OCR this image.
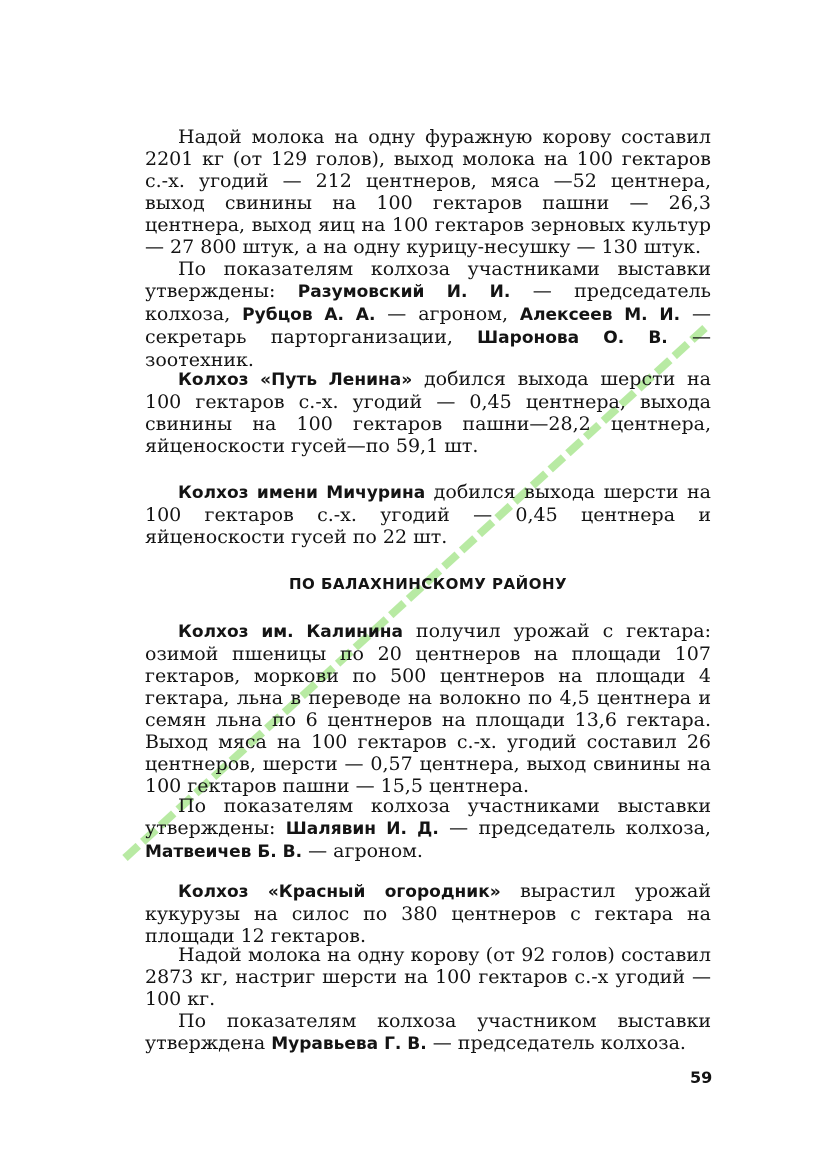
Надой молока на одну фуражную корову составил 2201 кг (от 129 голов), выход молока на 100 гектаров с.-х. угодий — 212 центнеров, мяса —52 центнера, выход свинины на 100 гектаров пашни — 26,3 центнера, выход яиц на 100 гектаров зерновых культур — 27 800 штук, а на одну курицу-несушку — 130 штук.

По показателям колхоза участниками выставки утверждены: Разумовский И. И. — председатель колхоза, Рубцов А. А. — агроном, Алексеев М. И. — секретарь парторганизации, Шаронова О. В. — зоотехник.

Колхоз «Путь Ленина» добился выхода шерсти на 100 гектаров с.-х. угодий — 0,45 центнера, выхода свинины на 100 гектаров пашни—28,2 центнера, яйценоскости гусей—по 59,1 шт.

Колхоз имени Мичурина добился выхода шерсти на 100 гектаров с.-х. угодий — 0,45 центнера и яйценоскости гусей по 22 шт.

ПО БАЛАХНИНСКОМУ РАЙОНУ

Колхоз им. Калинина получил урожай с гектара: озимой пшеницы по 20 центнеров на площади 107 гектаров, моркови по 500 центнеров на площади 4 гектара, льна в переводе на волокно по 4,5 центнера и семян льна по 6 центнеров на площади 13,6 гектара. Выход мяса на 100 гектаров с.-х. угодий составил 26 центнеров, шерсти — 0,57 центнера, выход свинины на 100 гектаров пашни — 15,5 центнера.

По показателям колхоза участниками выставки утверждены: Шалявин И. Д. — председатель колхоза, Матвеичев Б. В. — агроном.

Колхоз «Красный огородник» вырастил урожай кукурузы на силос по 380 центнеров с гектара на площади 12 гектаров.

Надой молока на одну корову (от 92 голов) составил 2873 кг, настриг шерсти на 100 гектаров с.-х угодий — 100 кг.

По показателям колхоза участником выставки утверждена Муравьева Г. В. — председатель колхоза.

59
